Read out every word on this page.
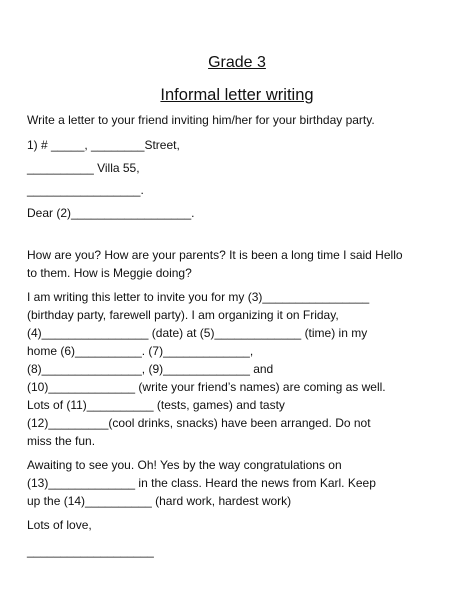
Grade 3
Informal letter writing
Write a letter to your friend inviting him/her for your birthday party.
1) # _____, ________Street,
__________ Villa 55,
_________________.
Dear (2)__________________.
How are you? How are your parents? It is been a long time I said Hello
to them. How is Meggie doing?
I am writing this letter to invite you for my (3)________________
(birthday party, farewell party). I am organizing it on Friday,
(4)________________ (date) at (5)_____________ (time) in my
home (6)__________. (7)_____________,
(8)_______________, (9)_____________ and
(10)_____________ (write your friend’s names) are coming as well.
Lots of (11)__________ (tests, games) and tasty
(12)_________(cool drinks, snacks) have been arranged. Do not
miss the fun.
Awaiting to see you. Oh! Yes by the way congratulations on
(13)_____________ in the class. Heard the news from Karl. Keep
up the (14)__________ (hard work, hardest work)
Lots of love,
___________________
